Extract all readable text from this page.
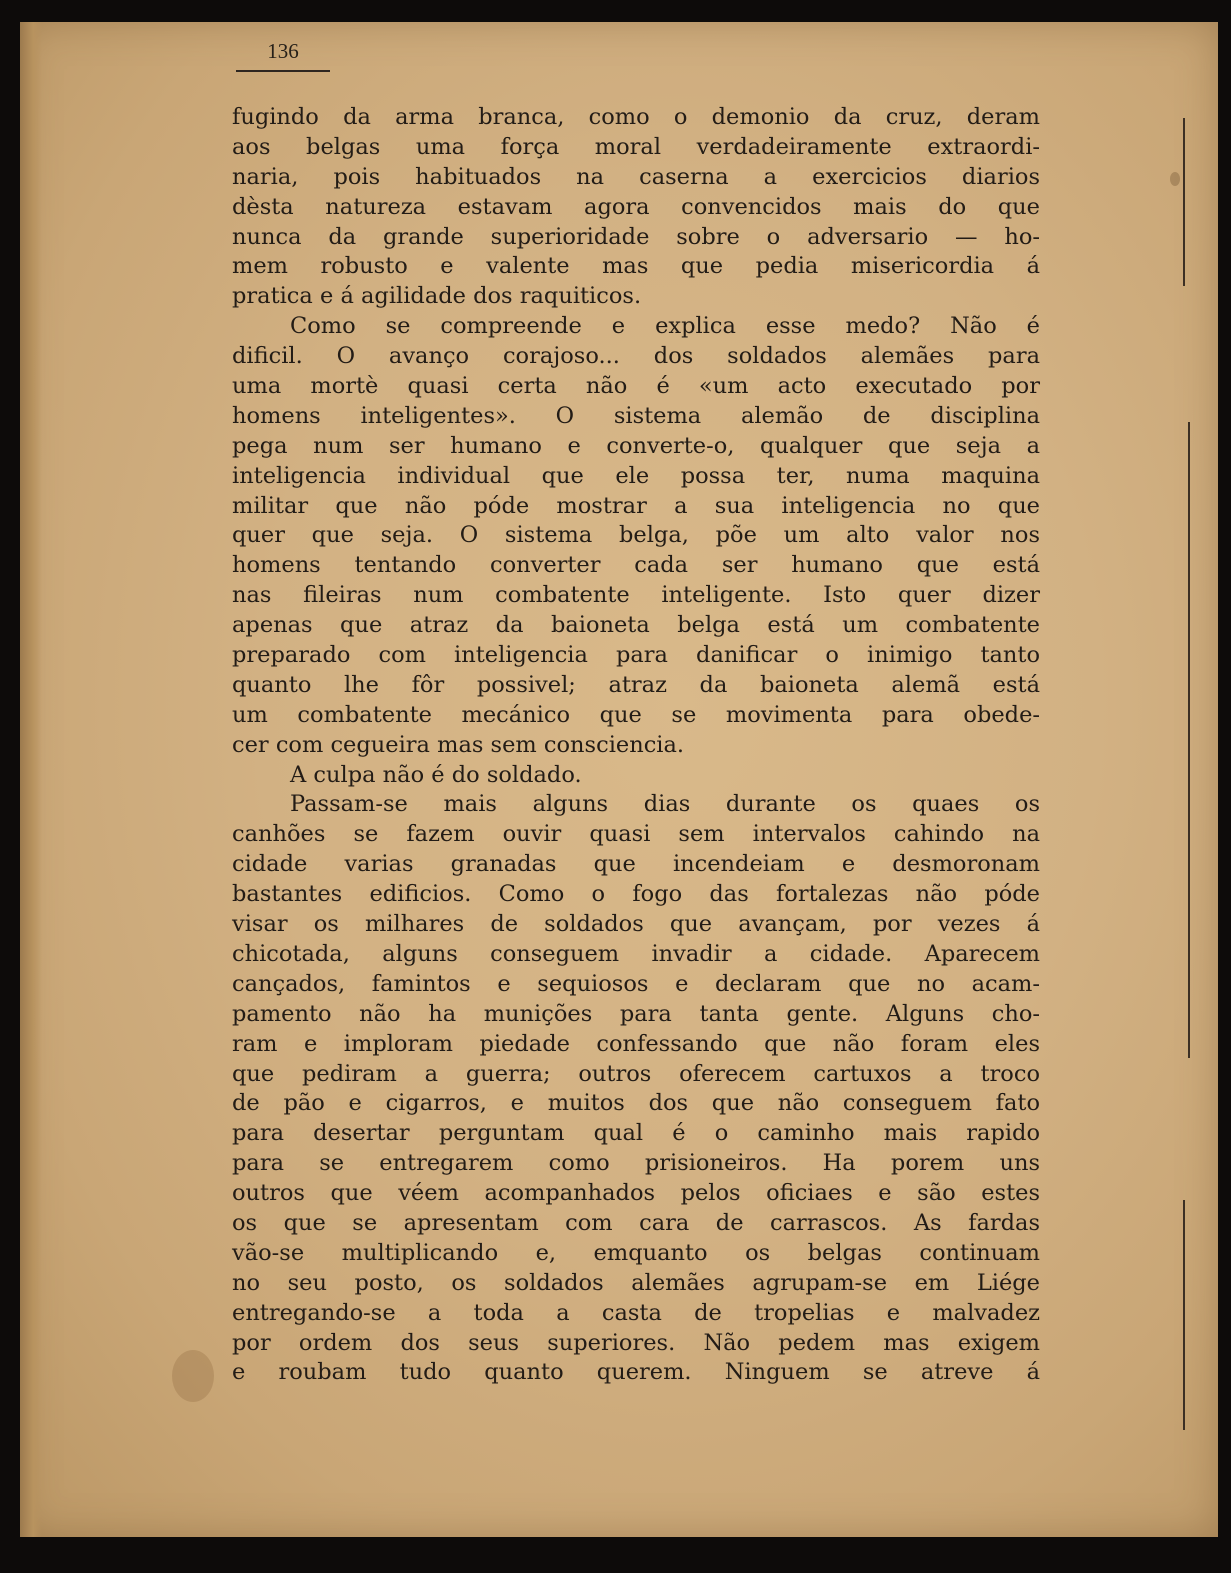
136
fugindo da arma branca, como o demonio da cruz, deram
aos belgas uma força moral verdadeiramente extraordi-
naria, pois habituados na caserna a exercicios diarios
dèsta natureza estavam agora convencidos mais do que
nunca da grande superioridade sobre o adversario — ho-
mem robusto e valente mas que pedia misericordia á
pratica e á agilidade dos raquiticos.
Como se compreende e explica esse medo? Não é
dificil. O avanço corajoso... dos soldados alemães para
uma mortè quasi certa não é «um acto executado por
homens inteligentes». O sistema alemão de disciplina
pega num ser humano e converte-o, qualquer que seja a
inteligencia individual que ele possa ter, numa maquina
militar que não póde mostrar a sua inteligencia no que
quer que seja. O sistema belga, põe um alto valor nos
homens tentando converter cada ser humano que está
nas fileiras num combatente inteligente. Isto quer dizer
apenas que atraz da baioneta belga está um combatente
preparado com inteligencia para danificar o inimigo tanto
quanto lhe fôr possivel; atraz da baioneta alemã está
um combatente mecánico que se movimenta para obede-
cer com cegueira mas sem consciencia.
A culpa não é do soldado.
Passam-se mais alguns dias durante os quaes os
canhões se fazem ouvir quasi sem intervalos cahindo na
cidade varias granadas que incendeiam e desmoronam
bastantes edificios. Como o fogo das fortalezas não póde
visar os milhares de soldados que avançam, por vezes á
chicotada, alguns conseguem invadir a cidade. Aparecem
cançados, famintos e sequiosos e declaram que no acam-
pamento não ha munições para tanta gente. Alguns cho-
ram e imploram piedade confessando que não foram eles
que pediram a guerra; outros oferecem cartuxos a troco
de pão e cigarros, e muitos dos que não conseguem fato
para desertar perguntam qual é o caminho mais rapido
para se entregarem como prisioneiros. Ha porem uns
outros que véem acompanhados pelos oficiaes e são estes
os que se apresentam com cara de carrascos. As fardas
vão-se multiplicando e, emquanto os belgas continuam
no seu posto, os soldados alemães agrupam-se em Liége
entregando-se a toda a casta de tropelias e malvadez
por ordem dos seus superiores. Não pedem mas exigem
e roubam tudo quanto querem. Ninguem se atreve á
